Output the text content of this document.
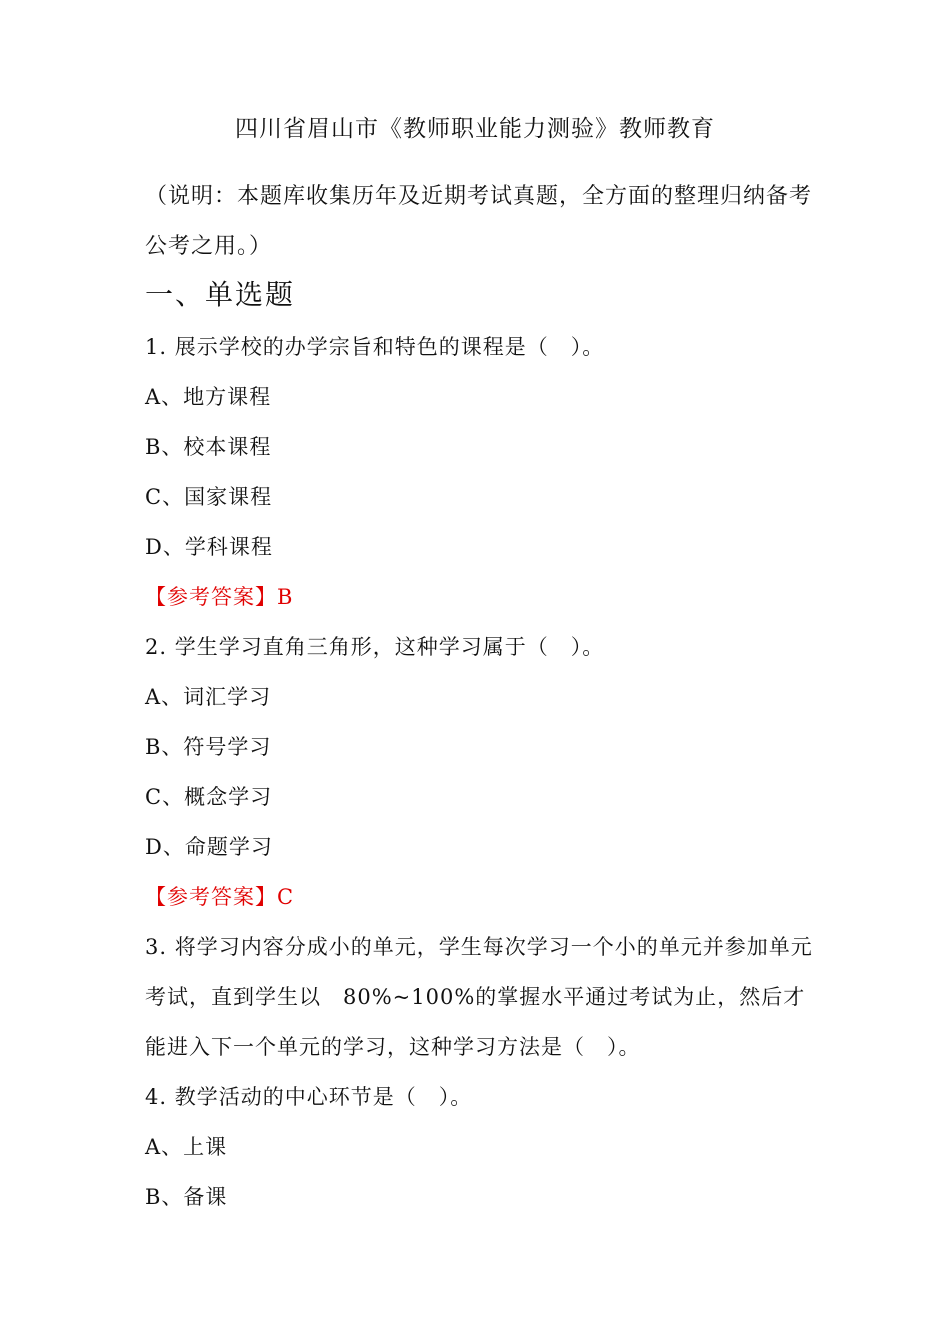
四川省眉山市《教师职业能力测验》教师教育
（说明：本题库收集历年及近期考试真题，全方面的整理归纳备考公考之用。）
一、单选题
1. 展示学校的办学宗旨和特色的课程是（　）。
A、地方课程
B、校本课程
C、国家课程
D、学科课程
【参考答案】B
2. 学生学习直角三角形，这种学习属于（　）。
A、词汇学习
B、符号学习
C、概念学习
D、命题学习
【参考答案】C
3. 将学习内容分成小的单元，学生每次学习一个小的单元并参加单元考试，直到学生以　80%~100%的掌握水平通过考试为止，然后才能进入下一个单元的学习，这种学习方法是（　）。
4. 教学活动的中心环节是（　）。
A、上课
B、备课
